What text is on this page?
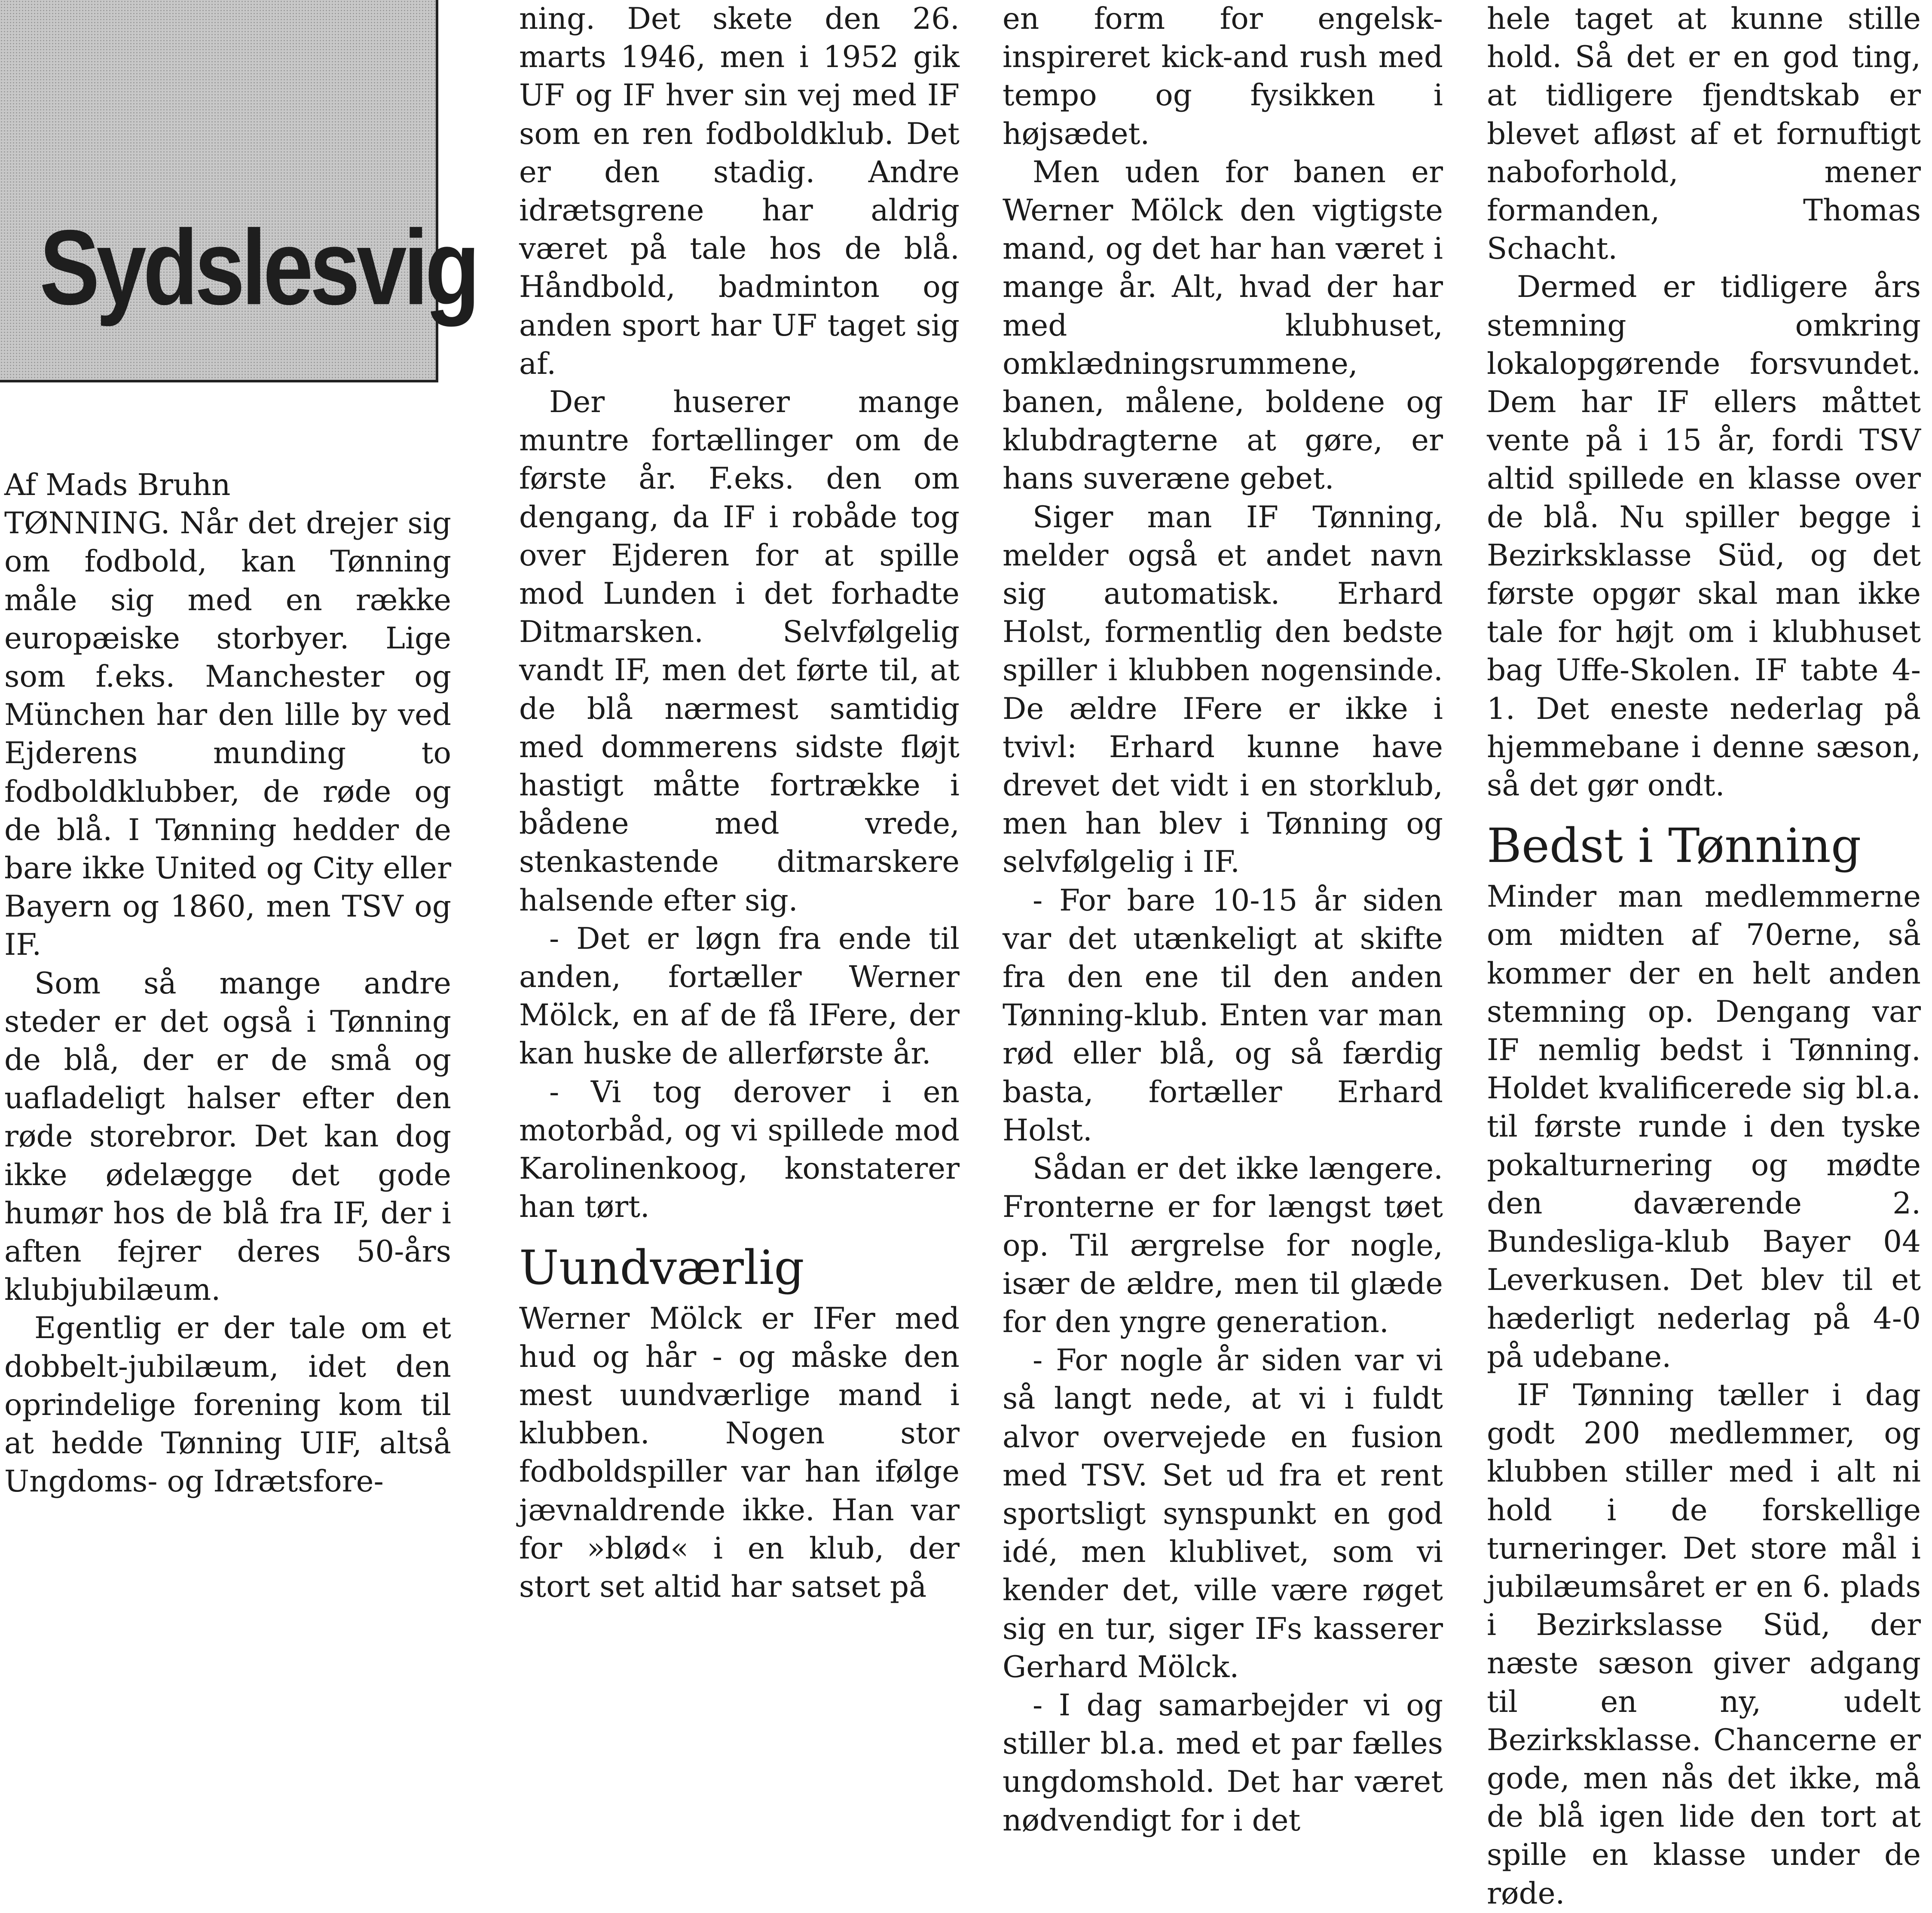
Sydslesvig

Af Mads Bruhn

TØNNING. Når det drejer sig om fodbold, kan Tønning måle sig med en række europæiske storbyer. Lige som f.eks. Manchester og München har den lille by ved Ejderens munding to fodboldklubber, de røde og de blå. I Tønning hedder de bare ikke United og City eller Bayern og 1860, men TSV og IF.

Som så mange andre steder er det også i Tønning de blå, der er de små og uafladeligt halser efter den røde storebror. Det kan dog ikke ødelægge det gode humør hos de blå fra IF, der i aften fejrer deres 50-års klubjubilæum.

Egentlig er der tale om et dobbelt-jubilæum, idet den oprindelige forening kom til at hedde Tønning UIF, altså Ungdoms- og Idrætsfore-

ning. Det skete den 26. marts 1946, men i 1952 gik UF og IF hver sin vej med IF som en ren fodboldklub. Det er den stadig. Andre idrætsgrene har aldrig været på tale hos de blå. Håndbold, badminton og anden sport har UF taget sig af.

Der huserer mange muntre fortællinger om de første år. F.eks. den om dengang, da IF i robåde tog over Ejderen for at spille mod Lunden i det forhadte Ditmarsken. Selvfølgelig vandt IF, men det førte til, at de blå nærmest samtidig med dommerens sidste fløjt hastigt måtte fortrække i bådene med vrede, stenkastende ditmarskere halsende efter sig.

- Det er løgn fra ende til anden, fortæller Werner Mölck, en af de få IFere, der kan huske de allerførste år.

- Vi tog derover i en motorbåd, og vi spillede mod Karolinenkoog, konstaterer han tørt.

Uundværlig

Werner Mölck er IFer med hud og hår - og måske den mest uundværlige mand i klubben. Nogen stor fodboldspiller var han ifølge jævnaldrende ikke. Han var for »blød« i en klub, der stort set altid har satset på

en form for engelsk-inspireret kick-and rush med tempo og fysikken i højsædet.

Men uden for banen er Werner Mölck den vigtigste mand, og det har han været i mange år. Alt, hvad der har med klubhuset, omklædningsrummene, banen, målene, boldene og klubdragterne at gøre, er hans suveræne gebet.

Siger man IF Tønning, melder også et andet navn sig automatisk. Erhard Holst, formentlig den bedste spiller i klubben nogensinde. De ældre IFere er ikke i tvivl: Erhard kunne have drevet det vidt i en storklub, men han blev i Tønning og selvfølgelig i IF.

- For bare 10-15 år siden var det utænkeligt at skifte fra den ene til den anden Tønning-klub. Enten var man rød eller blå, og så færdig basta, fortæller Erhard Holst.

Sådan er det ikke længere. Fronterne er for længst tøet op. Til ærgrelse for nogle, især de ældre, men til glæde for den yngre generation.

- For nogle år siden var vi så langt nede, at vi i fuldt alvor overvejede en fusion med TSV. Set ud fra et rent sportsligt synspunkt en god idé, men klublivet, som vi kender det, ville være røget sig en tur, siger IFs kasserer Gerhard Mölck.

- I dag samarbejder vi og stiller bl.a. med et par fælles ungdomshold. Det har været nødvendigt for i det

hele taget at kunne stille hold. Så det er en god ting, at tidligere fjendtskab er blevet afløst af et fornuftigt naboforhold, mener formanden, Thomas Schacht.

Dermed er tidligere års stemning omkring lokalopgørende forsvundet. Dem har IF ellers måttet vente på i 15 år, fordi TSV altid spillede en klasse over de blå. Nu spiller begge i Bezirksklasse Süd, og det første opgør skal man ikke tale for højt om i klubhuset bag Uffe-Skolen. IF tabte 4-1. Det eneste nederlag på hjemmebane i denne sæson, så det gør ondt.

Bedst i Tønning

Minder man medlemmerne om midten af 70erne, så kommer der en helt anden stemning op. Dengang var IF nemlig bedst i Tønning. Holdet kvalificerede sig bl.a. til første runde i den tyske pokalturnering og mødte den daværende 2. Bundesliga-klub Bayer 04 Leverkusen. Det blev til et hæderligt nederlag på 4-0 på udebane.

IF Tønning tæller i dag godt 200 medlemmer, og klubben stiller med i alt ni hold i de forskellige turneringer. Det store mål i jubilæumsåret er en 6. plads i Bezirkslasse Süd, der næste sæson giver adgang til en ny, udelt Bezirksklasse. Chancerne er gode, men nås det ikke, må de blå igen lide den tort at spille en klasse under de røde.
